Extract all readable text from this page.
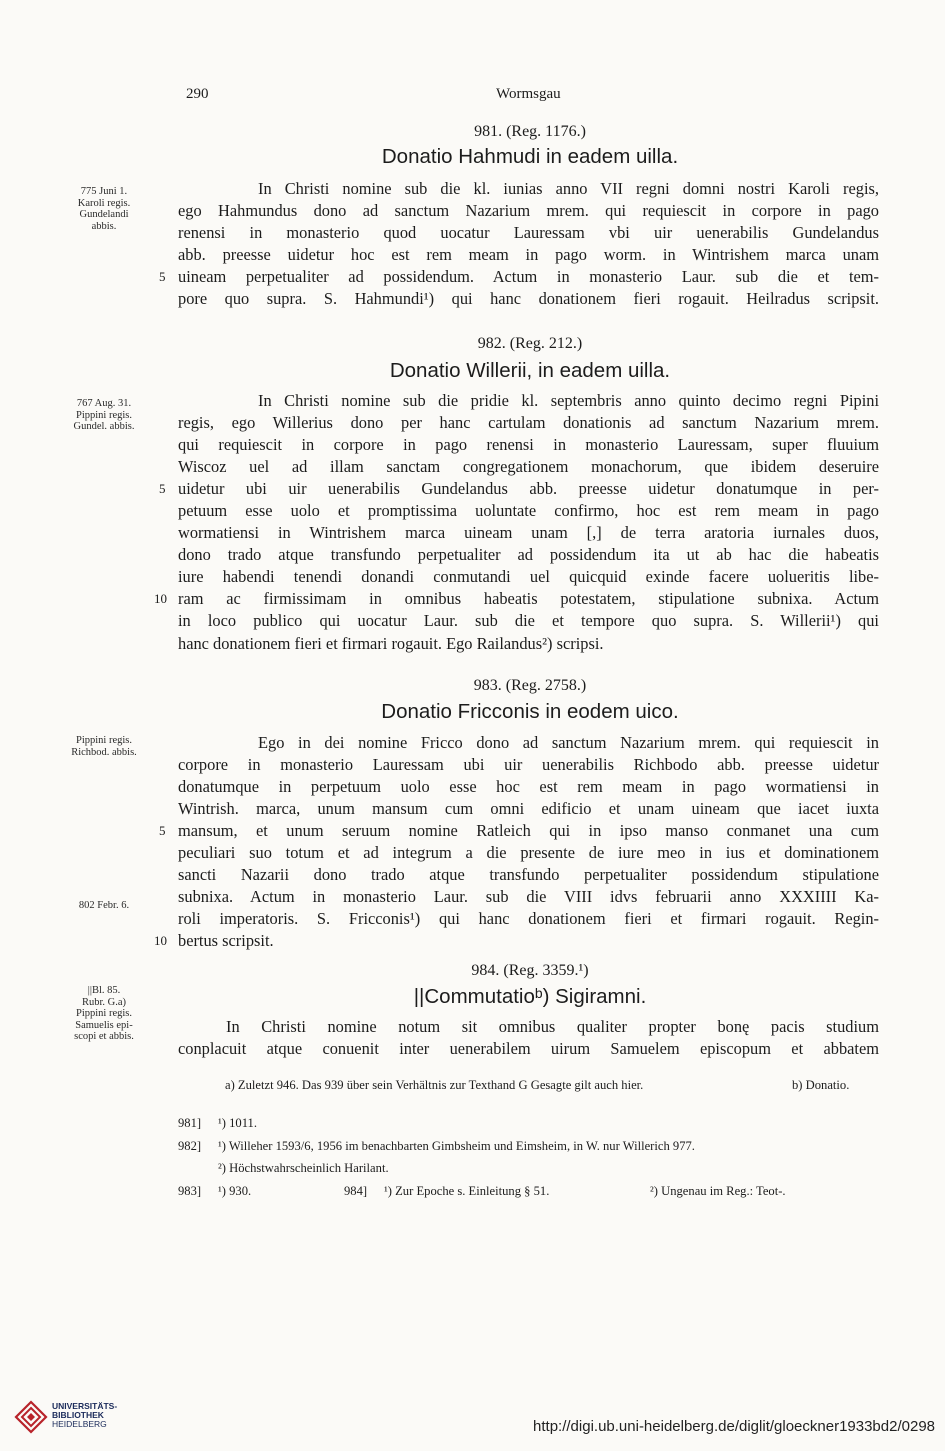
290	Wormsgau
981. (Reg. 1176.)
Donatio Hahmudi in eadem uilla.
775 Juni 1.
Karoli regis.
Gundelandi
abbis.
In Christi nomine sub die kl. iunias anno VII regni domni nostri Karoli regis,
ego Hahmundus dono ad sanctum Nazarium mrem. qui requiescit in corpore in pago
renensi in monasterio quod uocatur Lauressam vbi uir uenerabilis Gundelandus
abb. preesse uidetur hoc est rem meam in pago worm. in Wintrishem marca unam
5 uineam perpetualiter ad possidendum. Actum in monasterio Laur. sub die et tem-
pore quo supra. S. Hahmundi¹) qui hanc donationem fieri rogauit. Heilradus scripsit.
982. (Reg. 212.)
Donatio Willerii, in eadem uilla.
767 Aug. 31.
Pippini regis.
Gundel. abbis.
In Christi nomine sub die pridie kl. septembris anno quinto decimo regni Pipini
regis, ego Willerius dono per hanc cartulam donationis ad sanctum Nazarium mrem.
qui requiescit in corpore in pago renensi in monasterio Lauressam, super fluuium
Wiscoz uel ad illam sanctam congregationem monachorum, que ibidem deseruire
5 uidetur ubi uir uenerabilis Gundelandus abb. preesse uidetur donatumque in per-
petuum esse uolo et promptissima uoluntate confirmo, hoc est rem meam in pago
wormatiensi in Wintrishem marca uineam unam [,] de terra aratoria iurnales duos,
dono trado atque transfundo perpetualiter ad possidendum ita ut ab hac die habeatis
iure habendi tenendi donandi conmutandi uel quicquid exinde facere uolueritis libe-
10 ram ac firmissimam in omnibus habeatis potestatem, stipulatione subnixa. Actum
in loco publico qui uocatur Laur. sub die et tempore quo supra. S. Willerii¹) qui
hanc donationem fieri et firmari rogauit. Ego Railandus²) scripsi.
983. (Reg. 2758.)
Donatio Fricconis in eodem uico.
Pippini regis.
Richbod. abbis.
802 Febr. 6.
Ego in dei nomine Fricco dono ad sanctum Nazarium mrem. qui requiescit in
corpore in monasterio Lauressam ubi uir uenerabilis Richbodo abb. preesse uidetur
donatumque in perpetuum uolo esse hoc est rem meam in pago wormatiensi in
Wintrish. marca, unum mansum cum omni edificio et unam uineam que iacet iuxta
5 mansum, et unum seruum nomine Ratleich qui in ipso manso conmanet una cum
peculiari suo totum et ad integrum a die presente de iure meo in ius et dominationem
sancti Nazarii dono trado atque transfundo perpetualiter possidendum stipulatione
subnixa. Actum in monasterio Laur. sub die VIII idvs februarii anno XXXIIII Ka-
roli imperatoris. S. Fricconis¹) qui hanc donationem fieri et firmari rogauit. Regin-
10 bertus scripsit.
984. (Reg. 3359.¹)
||Commutatioᵇ) Sigiramni.
||Bl. 85.
Rubr. G.a)
Pippini regis.
Samuelis epi-
scopi et abbis.
In Christi nomine notum sit omnibus qualiter propter bonę pacis studium
conplacuit atque conuenit inter uenerabilem uirum Samuelem episcopum et abbatem
a) Zuletzt 946. Das 939 über sein Verhältnis zur Texthand G Gesagte gilt auch hier.	b) Donatio.
981] ¹) 1011.
982] ¹) Willeher 1593/6, 1956 im benachbarten Gimbsheim und Eimsheim, in W. nur Willerich 977.
²) Höchstwahrscheinlich Harilant.
983] ¹) 930.	984] ¹) Zur Epoche s. Einleitung § 51.	²) Ungenau im Reg.: Teot-.
UNIVERSITÄTS-
BIBLIOTHEK
HEIDELBERG	http://digi.ub.uni-heidelberg.de/diglit/gloeckner1933bd2/0298
